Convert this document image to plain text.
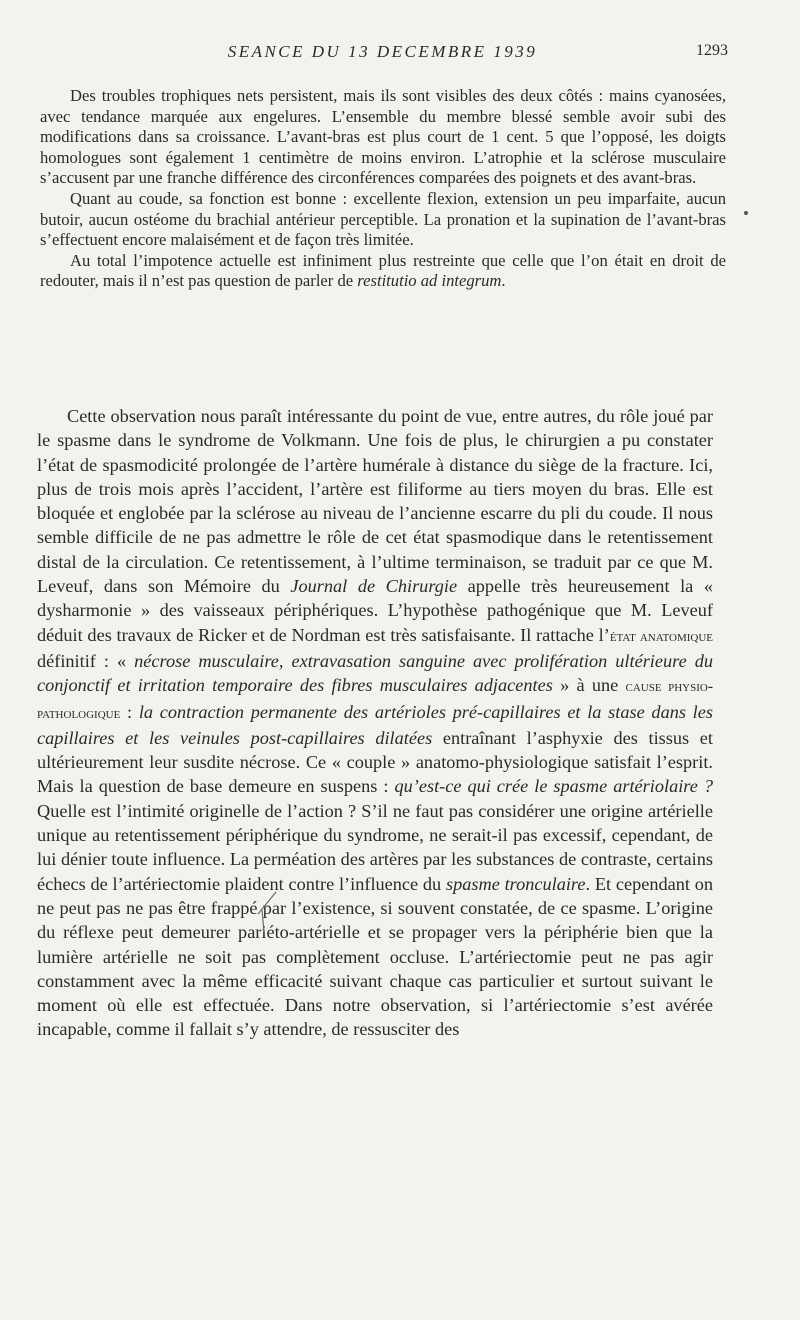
SEANCE DU 13 DECEMBRE 1939	1293

Des troubles trophiques nets persistent, mais ils sont visibles des deux côtés : mains cyanosées, avec tendance marquée aux engelures. L’ensemble du membre blessé semble avoir subi des modifications dans sa croissance. L’avant-bras est plus court de 1 cent. 5 que l’opposé, les doigts homologues sont également 1 centimètre de moins environ. L’atrophie et la sclérose musculaire s’accusent par une franche différence des circonférences comparées des poignets et des avant-bras.

Quant au coude, sa fonction est bonne : excellente flexion, extension un peu imparfaite, aucun butoir, aucun ostéome du brachial antérieur perceptible. La pronation et la supination de l’avant-bras s’effectuent encore malaisément et de façon très limitée.

Au total l’impotence actuelle est infiniment plus restreinte que celle que l’on était en droit de redouter, mais il n’est pas question de parler de restitutio ad integrum.

Cette observation nous paraît intéressante du point de vue, entre autres, du rôle joué par le spasme dans le syndrome de Volkmann. Une fois de plus, le chirurgien a pu constater l’état de spasmodicité prolongée de l’artère humérale à distance du siège de la fracture. Ici, plus de trois mois après l’accident, l’artère est filiforme au tiers moyen du bras. Elle est bloquée et englobée par la sclérose au niveau de l’ancienne escarre du pli du coude. Il nous semble difficile de ne pas admettre le rôle de cet état spasmodique dans le retentissement distal de la circulation. Ce retentissement, à l’ultime terminaison, se traduit par ce que M. Leveuf, dans son Mémoire du Journal de Chirurgie appelle très heureusement la « dysharmonie » des vaisseaux périphériques. L’hypothèse pathogénique que M. Leveuf déduit des travaux de Ricker et de Nordman est très satisfaisante. Il rattache l’état anatomique définitif : « nécrose musculaire, extravasation sanguine avec prolifération ultérieure du conjonctif et irritation temporaire des fibres musculaires adjacentes » à une cause physio-pathologique : la contraction permanente des artérioles pré-capillaires et la stase dans les capillaires et les veinules post-capillaires dilatées entraînant l’asphyxie des tissus et ultérieurement leur susdite nécrose. Ce « couple » anatomo-physiologique satisfait l’esprit. Mais la question de base demeure en suspens : qu’est-ce qui crée le spasme artériolaire ? Quelle est l’intimité originelle de l’action ? S’il ne faut pas considérer une origine artérielle unique au retentissement périphérique du syndrome, ne serait-il pas excessif, cependant, de lui dénier toute influence. La perméation des artères par les substances de contraste, certains échecs de l’artériectomie plaident contre l’influence du spasme tronculaire. Et cependant on ne peut pas ne pas être frappé par l’existence, si souvent constatée, de ce spasme. L’origine du réflexe peut demeurer pariéto-artérielle et se propager vers la périphérie bien que la lumière artérielle ne soit pas complètement occluse. L’artériectomie peut ne pas agir constamment avec la même efficacité suivant chaque cas particulier et surtout suivant le moment où elle est effectuée. Dans notre observation, si l’artériectomie s’est avérée incapable, comme il fallait s’y attendre, de ressusciter des
